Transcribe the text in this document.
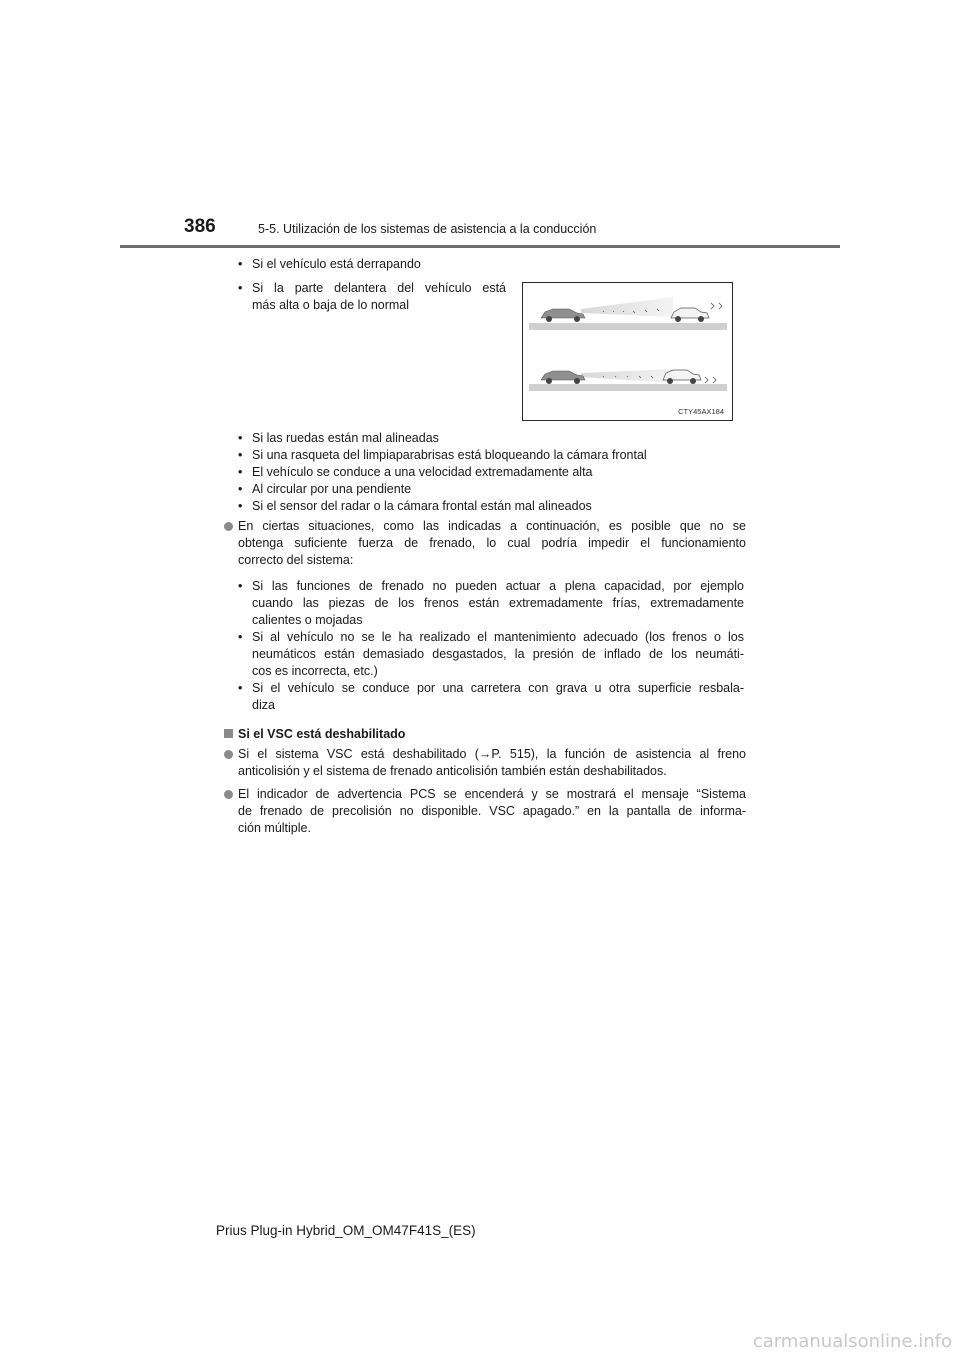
386	5-5. Utilización de los sistemas de asistencia a la conducción
• Si el vehículo está derrapando
• Si la parte delantera del vehículo está
más alta o baja de lo normal
CTY45AX184
• Si las ruedas están mal alineadas
• Si una rasqueta del limpiaparabrisas está bloqueando la cámara frontal
• El vehículo se conduce a una velocidad extremadamente alta
• Al circular por una pendiente
• Si el sensor del radar o la cámara frontal están mal alineados
En ciertas situaciones, como las indicadas a continuación, es posible que no se
obtenga suficiente fuerza de frenado, lo cual podría impedir el funcionamiento
correcto del sistema:
• Si las funciones de frenado no pueden actuar a plena capacidad, por ejemplo
cuando las piezas de los frenos están extremadamente frías, extremadamente
calientes o mojadas
• Si al vehículo no se le ha realizado el mantenimiento adecuado (los frenos o los
neumáticos están demasiado desgastados, la presión de inflado de los neumáti-
cos es incorrecta, etc.)
• Si el vehículo se conduce por una carretera con grava u otra superficie resbala-
diza
Si el VSC está deshabilitado
Si el sistema VSC está deshabilitado (→P. 515), la función de asistencia al freno
anticolisión y el sistema de frenado anticolisión también están deshabilitados.
El indicador de advertencia PCS se encenderá y se mostrará el mensaje “Sistema
de frenado de precolisión no disponible. VSC apagado.” en la pantalla de informa-
ción múltiple.
Prius Plug-in Hybrid_OM_OM47F41S_(ES)
carmanualsonline.info
